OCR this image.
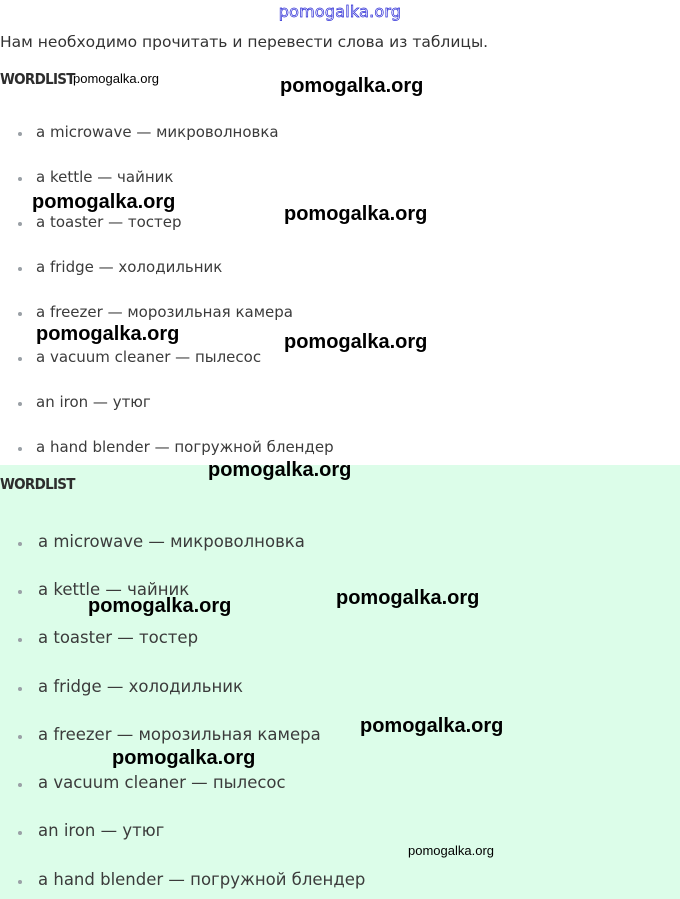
pomogalka.org
Нам необходимо прочитать и перевести слова из таблицы.
WORDLIST
a microwave — микроволновка
a kettle — чайник
a toaster — тостер
a fridge — холодильник
a freezer — морозильная камера
a vacuum cleaner — пылесос
an iron — утюг
a hand blender — погружной блендер
WORDLIST
a microwave — микроволновка
a kettle — чайник
a toaster — тостер
a fridge — холодильник
a freezer — морозильная камера
a vacuum cleaner — пылесос
an iron — утюг
a hand blender — погружной блендер
pomogalka.org	pomogalka.org
pomogalka.org
pomogalka.org
pomogalka.org	pomogalka.org
pomogalka.org
pomogalka.org
pomogalka.org
pomogalka.org
pomogalka.org
pomogalka.org
